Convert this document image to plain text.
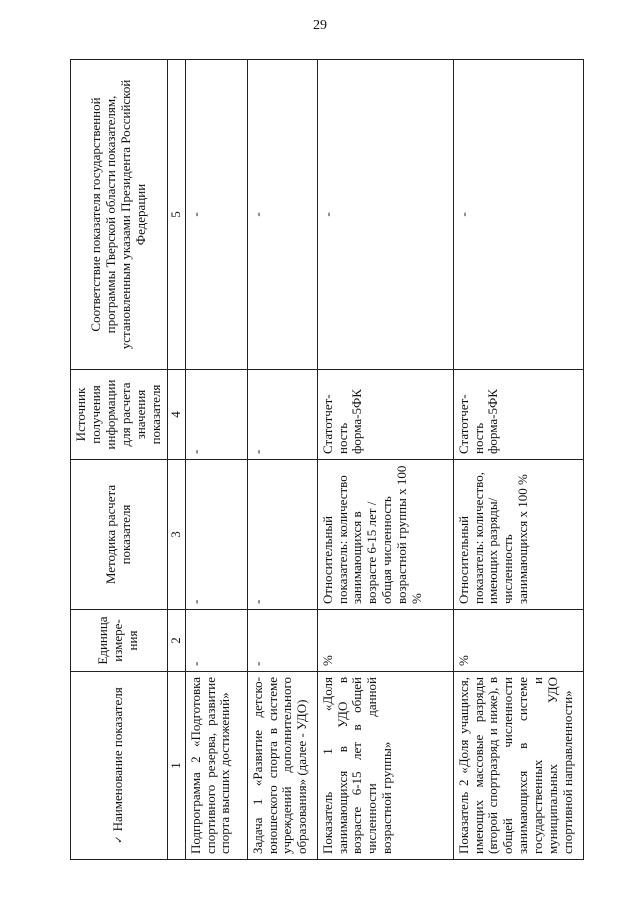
29
✓Наименование показателя	Единица измере-ния	Методика расчета показателя	Источник получения информации для расчета значения показателя	Соответствие показателя государственной программы Тверской области показателям, установленным указами Президента Российской Федерации
1	2	3	4	5
Подпрограмма 2 «Подготовка спортивного резерва, развитие спорта высших достижений»	-	-	-	-
Задача 1 «Развитие детско-юношеского спорта в системе учреждений дополнительного образования» (далее - УДО)	-	-	-	-
Показатель 1 «Доля занимающихся в УДО в возрасте 6-15 лет в общей численности данной возрастной группы»	%	Относительный показатель: количество занимающихся в возрасте 6-15 лет / общая численность возрастной группы x 100 %	Статотчет-ность форма-5ФК	-
Показатель 2 «Доля учащихся, имеющих массовые разряды (второй спортразряд и ниже), в общей численности занимающихся в системе государственных и муниципальных УДО спортивной направленности»	%	Относительный показатель: количество, имеющих разряды/ численность занимающихся x 100 %	Статотчет-ность форма-5ФК	-
